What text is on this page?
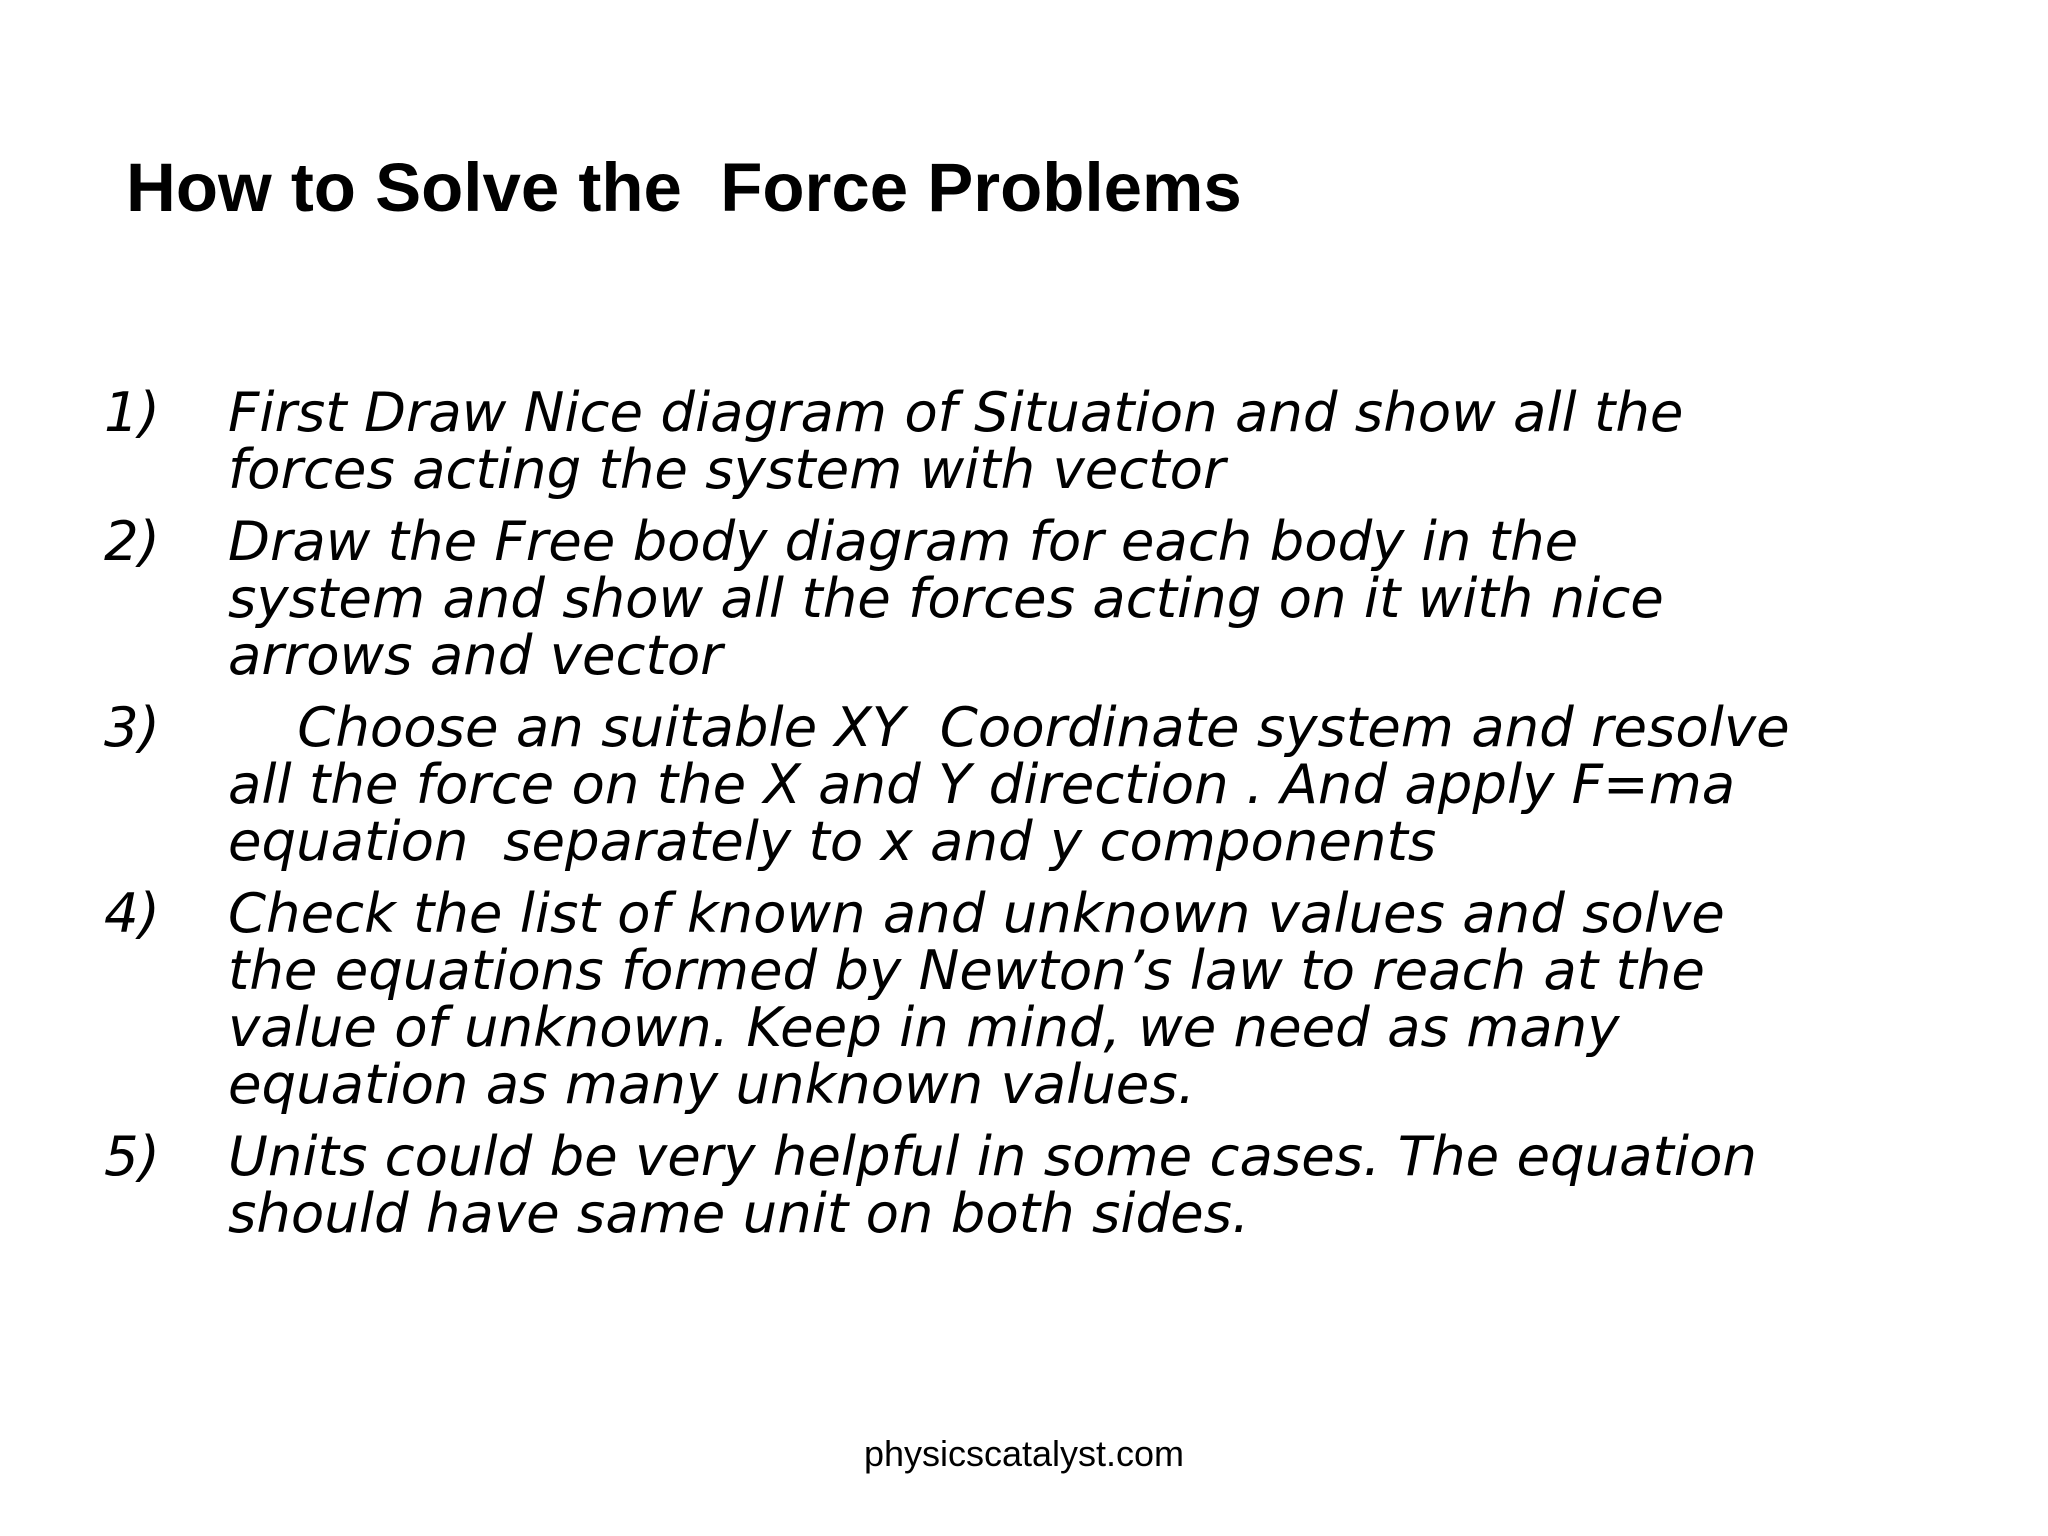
How to Solve the  Force Problems
1) First Draw Nice diagram of Situation and show all the
forces acting the system with vector
2) Draw the Free body diagram for each body in the
system and show all the forces acting on it with nice
arrows and vector
3)	Choose an suitable XY  Coordinate system and resolve
all the force on the X and Y direction . And apply F=ma
equation  separately to x and y components
4) Check the list of known and unknown values and solve
the equations formed by Newton’s law to reach at the
value of unknown. Keep in mind, we need as many
equation as many unknown values.
5) Units could be very helpful in some cases. The equation
should have same unit on both sides.
physicscatalyst.com
